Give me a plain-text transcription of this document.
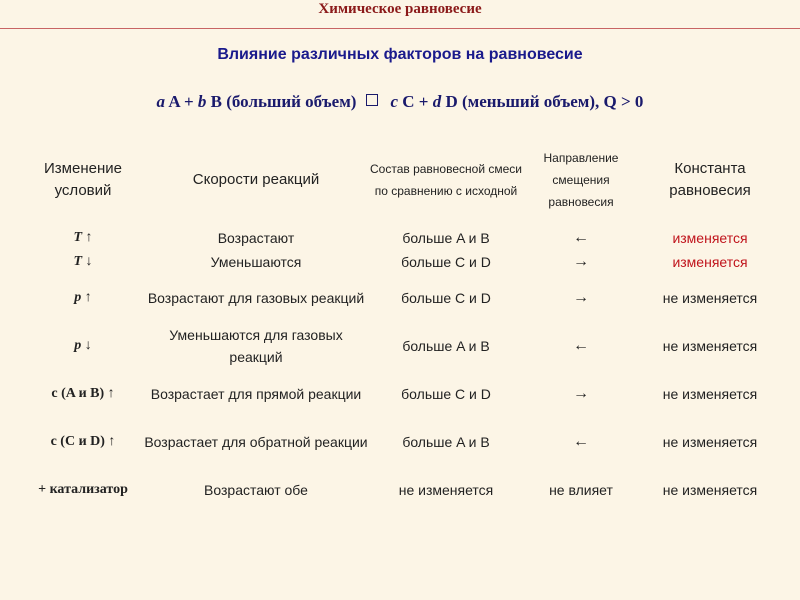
Химическое равновесие
Влияние различных факторов на равновесие
a A + b B (больший объем) c C + d D (меньший объем), Q > 0
Изменение условий	Скорости реакций	Состав равновесной смеси по сравнению с исходной	Направление смещения равновесия	Константа равновесия
T ↑	Возрастают	больше A и B	←	изменяется
T ↓	Уменьшаются	больше C и D	→	изменяется
p ↑	Возрастают для газовых реакций	больше C и D	→	не изменяется
p ↓	Уменьшаются для газовых реакций	больше A и B	←	не изменяется
c (A и B) ↑	Возрастает для прямой реакции	больше C и D	→	не изменяется
c (C и D) ↑	Возрастает для обратной реакции	больше A и B	←	не изменяется
+ катализатор	Возрастают обе	не изменяется	не влияет	не изменяется
